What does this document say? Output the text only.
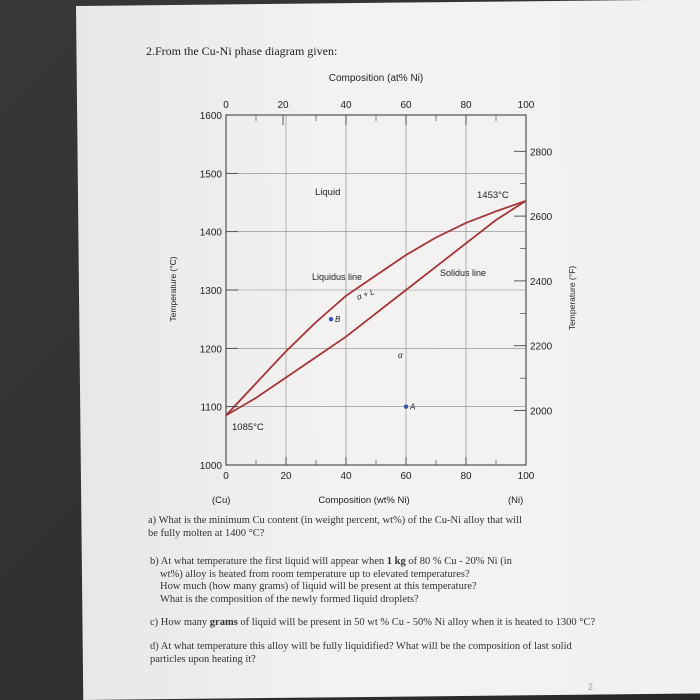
2.From the Cu-Ni phase diagram given:
0	20	40	60	80	100
0	20	40	60	80	100
1000
1100
1200
1300
1400
1500
1600
2000
2200
2400
2600
2800
Composition (at% Ni)
Composition (wt% Ni)
(Cu)	(Ni)
Temperature (°C)	Temperature (°F)
Liquid
α + L
α
Liquidus line	Solidus line
1085°C
1453°C
B
A
a) What is the minimum Cu content (in weight percent, wt%) of the Cu-Ni alloy that will
be fully molten at 1400 °C?
b) At what temperature the first liquid will appear when 1 kg of 80 % Cu - 20% Ni (in
wt%) alloy is heated from room temperature up to elevated temperatures?
How much (how many grams) of liquid will be present at this temperature?
What is the composition of the newly formed liquid droplets?
c) How many grams of liquid will be present in 50 wt % Cu - 50% Ni alloy when it is heated to 1300 °C?
d) At what temperature this alloy will be fully liquidified? What will be the composition of last solid
particles upon heating it?
2
